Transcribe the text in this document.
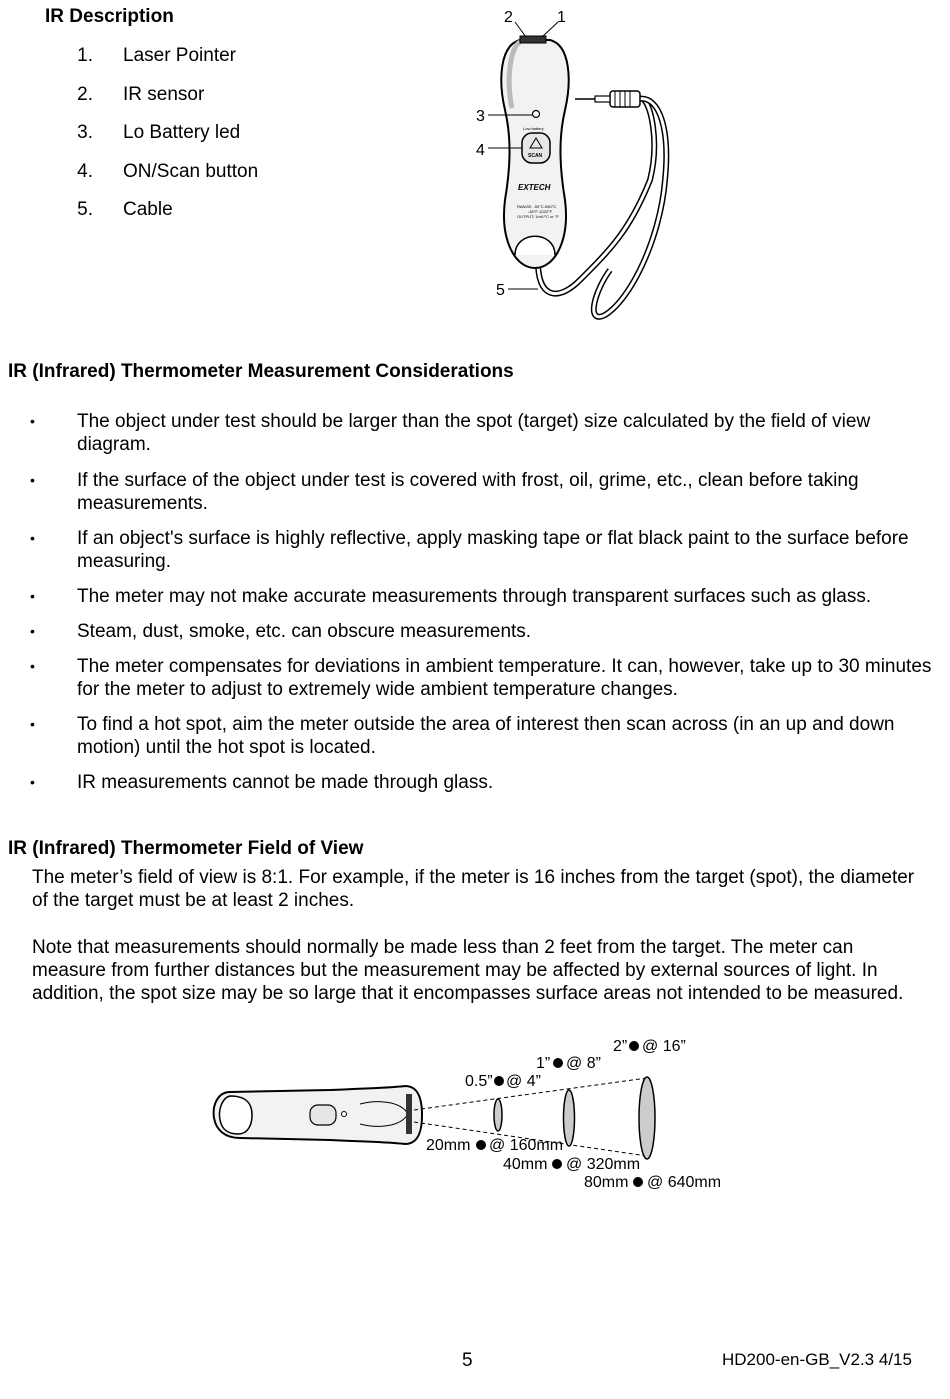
IR Description
1. Laser Pointer
2. IR sensor
3. Lo Battery led
4. ON/Scan button
5. Cable
Low battery
SCAN
EXTECH
RANGE: -50°C-550°C
-45°F-1022°F
OUTPUT: 1mV/°C or °F
2	1
3
4
5
IR (Infrared) Thermometer Measurement Considerations
• The object under test should be larger than the spot (target) size calculated by the field of view diagram.
• If the surface of the object under test is covered with frost, oil, grime, etc., clean before taking measurements.
• If an object's surface is highly reflective, apply masking tape or flat black paint to the surface before measuring.
• The meter may not make accurate measurements through transparent surfaces such as glass.
• Steam, dust, smoke, etc. can obscure measurements.
• The meter compensates for deviations in ambient temperature. It can, however, take up to 30 minutes for the meter to adjust to extremely wide ambient temperature changes.
• To find a hot spot, aim the meter outside the area of interest then scan across (in an up and down motion) until the hot spot is located.
• IR measurements cannot be made through glass.
IR (Infrared) Thermometer Field of View
The meter’s field of view is 8:1. For example, if the meter is 16 inches from the target (spot), the diameter of the target must be at least 2 inches.
Note that measurements should normally be made less than 2 feet from the target. The meter can measure from further distances but the measurement may be affected by external sources of light. In addition, the spot size may be so large that it encompasses surface areas not intended to be measured.
0.5” @ 4”
1” @ 8”
2” @ 16”
20mm @ 160mm
40mm @ 320mm
80mm @ 640mm
5	HD200-en-GB_V2.3 4/15
